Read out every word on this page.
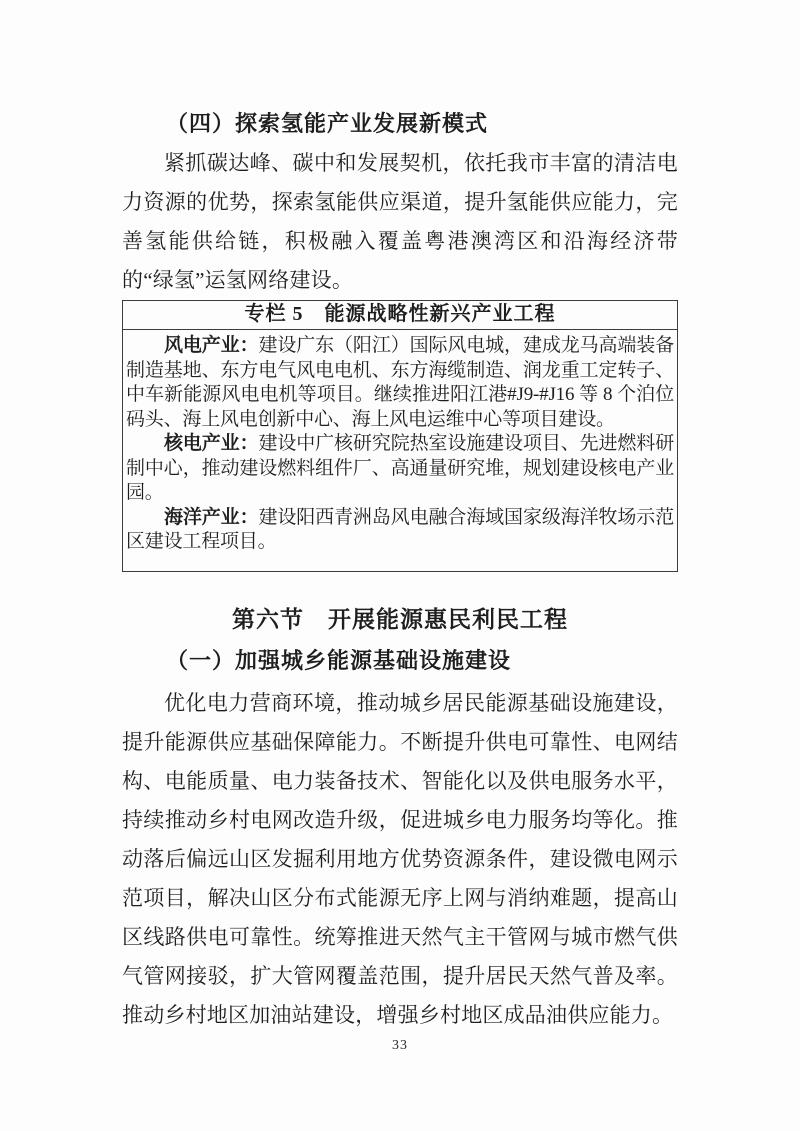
（四）探索氢能产业发展新模式

紧抓碳达峰、碳中和发展契机，依托我市丰富的清洁电力资源的优势，探索氢能供应渠道，提升氢能供应能力，完善氢能供给链，积极融入覆盖粤港澳湾区和沿海经济带的“绿氢”运氢网络建设。

专栏 5　能源战略性新兴产业工程

风电产业：建设广东（阳江）国际风电城，建成龙马高端装备制造基地、东方电气风电电机、东方海缆制造、润龙重工定转子、中车新能源风电电机等项目。继续推进阳江港#J9-#J16 等 8 个泊位码头、海上风电创新中心、海上风电运维中心等项目建设。

核电产业：建设中广核研究院热室设施建设项目、先进燃料研制中心，推动建设燃料组件厂、高通量研究堆，规划建设核电产业园。

海洋产业：建设阳西青洲岛风电融合海域国家级海洋牧场示范区建设工程项目。

第六节　开展能源惠民利民工程
（一）加强城乡能源基础设施建设

优化电力营商环境，推动城乡居民能源基础设施建设，提升能源供应基础保障能力。不断提升供电可靠性、电网结构、电能质量、电力装备技术、智能化以及供电服务水平，持续推动乡村电网改造升级，促进城乡电力服务均等化。推动落后偏远山区发掘利用地方优势资源条件，建设微电网示范项目，解决山区分布式能源无序上网与消纳难题，提高山区线路供电可靠性。统筹推进天然气主干管网与城市燃气供气管网接驳，扩大管网覆盖范围，提升居民天然气普及率。推动乡村地区加油站建设，增强乡村地区成品油供应能力。

33
